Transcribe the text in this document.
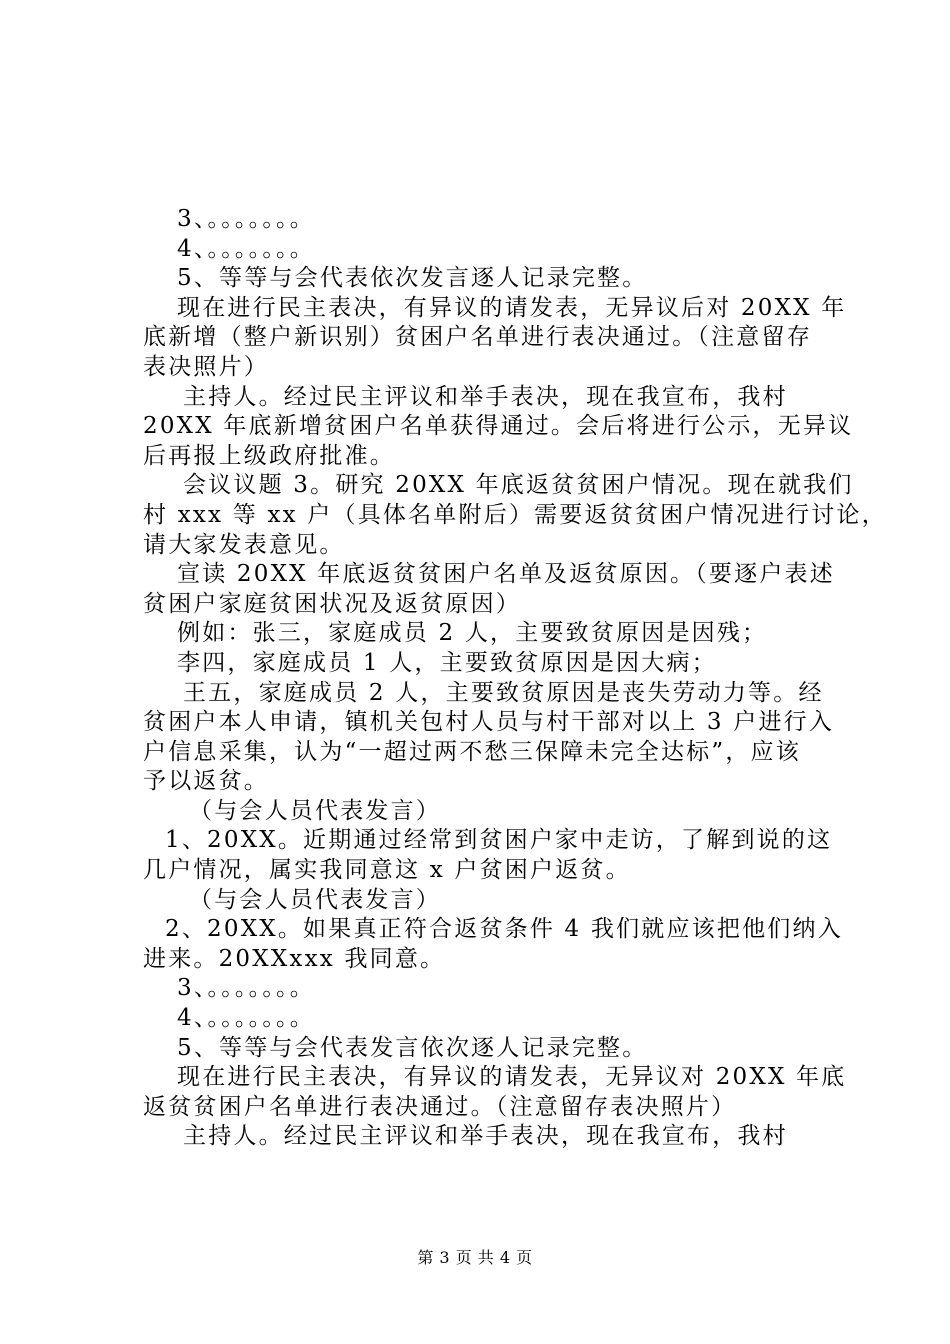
3、。。。。。。。
4、。。。。。。。
5、等等与会代表依次发言逐人记录完整。
现在进行民主表决，有异议的请发表，无异议后对 20XX 年
底新增（整户新识别）贫困户名单进行表决通过。（注意留存
表决照片）
主持人。经过民主评议和举手表决，现在我宣布，我村
20XX 年底新增贫困户名单获得通过。会后将进行公示，无异议
后再报上级政府批准。
会议议题 3。研究 20XX 年底返贫贫困户情况。现在就我们
村 xxx 等 xx 户（具体名单附后）需要返贫贫困户情况进行讨论，
请大家发表意见。
宣读 20XX 年底返贫贫困户名单及返贫原因。（要逐户表述
贫困户家庭贫困状况及返贫原因）
例如：张三，家庭成员 2 人，主要致贫原因是因残；
李四，家庭成员 1 人，主要致贫原因是因大病；
王五，家庭成员 2 人，主要致贫原因是丧失劳动力等。经
贫困户本人申请，镇机关包村人员与村干部对以上 3 户进行入
户信息采集，认为“一超过两不愁三保障未完全达标”，应该
予以返贫。
（与会人员代表发言）
1、20XX。近期通过经常到贫困户家中走访，了解到说的这
几户情况，属实我同意这 x 户贫困户返贫。
（与会人员代表发言）
2、20XX。如果真正符合返贫条件 4 我们就应该把他们纳入
进来。20XXxxx 我同意。
3、。。。。。。。
4、。。。。。。。
5、等等与会代表发言依次逐人记录完整。
现在进行民主表决，有异议的请发表，无异议对 20XX 年底
返贫贫困户名单进行表决通过。（注意留存表决照片）
主持人。经过民主评议和举手表决，现在我宣布，我村
第 3 页 共 4 页
